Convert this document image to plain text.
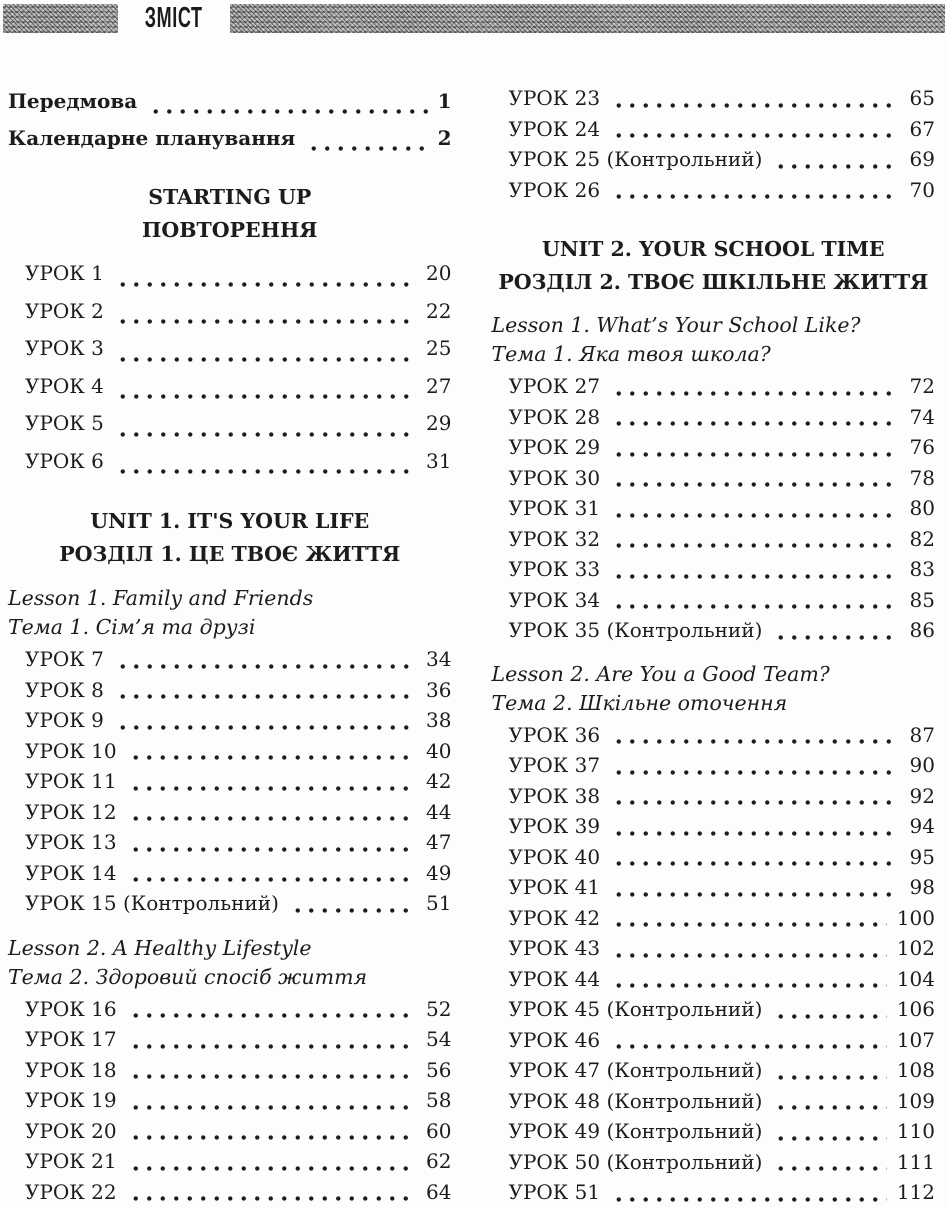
ЗМІСТ
Передмова	1
Календарне планування	2
STARTING UP
ПОВТОРЕННЯ
УРОК 1	20
УРОК 2	22
УРОК 3	25
УРОК 4	27
УРОК 5	29
УРОК 6	31
UNIT 1. IT'S YOUR LIFE
РОЗДІЛ 1. ЦЕ ТВОЄ ЖИТТЯ
Lesson 1. Family and Friends
Тема 1. Сім’я та друзі
УРОК 7	34
УРОК 8	36
УРОК 9	38
УРОК 10	40
УРОК 11	42
УРОК 12	44
УРОК 13	47
УРОК 14	49
УРОК 15 (Контрольний)	51
Lesson 2. A Healthy Lifestyle
Тема 2. Здоровий спосіб життя
УРОК 16	52
УРОК 17	54
УРОК 18	56
УРОК 19	58
УРОК 20	60
УРОК 21	62
УРОК 22	64
УРОК 23	65
УРОК 24	67
УРОК 25 (Контрольний)	69
УРОК 26	70
UNIT 2. YOUR SCHOOL TIME
РОЗДІЛ 2. ТВОЄ ШКІЛЬНЕ ЖИТТЯ
Lesson 1. What’s Your School Like?
Тема 1. Яка твоя школа?
УРОК 27	72
УРОК 28	74
УРОК 29	76
УРОК 30	78
УРОК 31	80
УРОК 32	82
УРОК 33	83
УРОК 34	85
УРОК 35 (Контрольний)	86
Lesson 2. Are You a Good Team?
Тема 2. Шкільне оточення
УРОК 36	87
УРОК 37	90
УРОК 38	92
УРОК 39	94
УРОК 40	95
УРОК 41	98
УРОК 42	100
УРОК 43	102
УРОК 44	104
УРОК 45 (Контрольний)	106
УРОК 46	107
УРОК 47 (Контрольний)	108
УРОК 48 (Контрольний)	109
УРОК 49 (Контрольний)	110
УРОК 50 (Контрольний)	111
УРОК 51	112
